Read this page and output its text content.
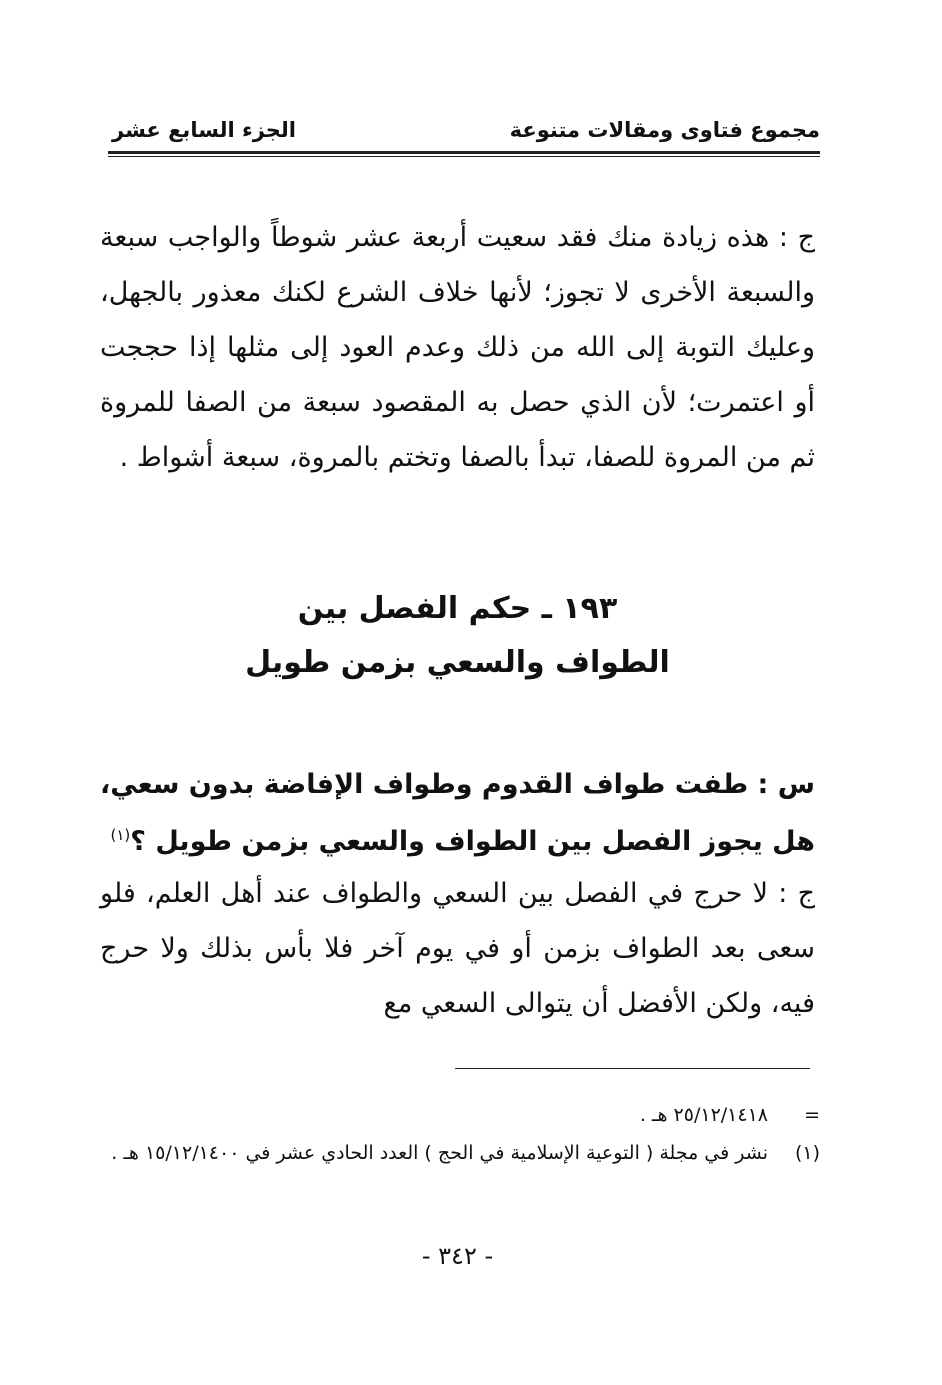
مجموع فتاوى ومقالات متنوعة
الجزء السابع عشر
ج : هذه زيادة منك فقد سعيت أربعة عشر شوطاً والواجب سبعة والسبعة الأخرى لا تجوز؛ لأنها خلاف الشرع لكنك معذور بالجهل، وعليك التوبة إلى الله من ذلك وعدم العود إلى مثلها إذا حججت أو اعتمرت؛ لأن الذي حصل به المقصود سبعة من الصفا للمروة ثم من المروة للصفا، تبدأ بالصفا وتختم بالمروة، سبعة أشواط .
١٩٣ ـ حكم الفصل بين
الطواف والسعي بزمن طويل
س : طفت طواف القدوم وطواف الإفاضة بدون سعي،
هل يجوز الفصل بين الطواف والسعي بزمن طويل ؟$^{(١)}$
ج : لا حرج في الفصل بين السعي والطواف عند أهل العلم، فلو سعى بعد الطواف بزمن أو في يوم آخر فلا بأس بذلك ولا حرج فيه، ولكن الأفضل أن يتوالى السعي مع
=
٢٥/١٢/١٤١٨ هـ .
(١)
نشر في مجلة ( التوعية الإسلامية في الحج ) العدد الحادي عشر في ١٥/١٢/١٤٠٠ هـ .
- ٣٤٢ -
